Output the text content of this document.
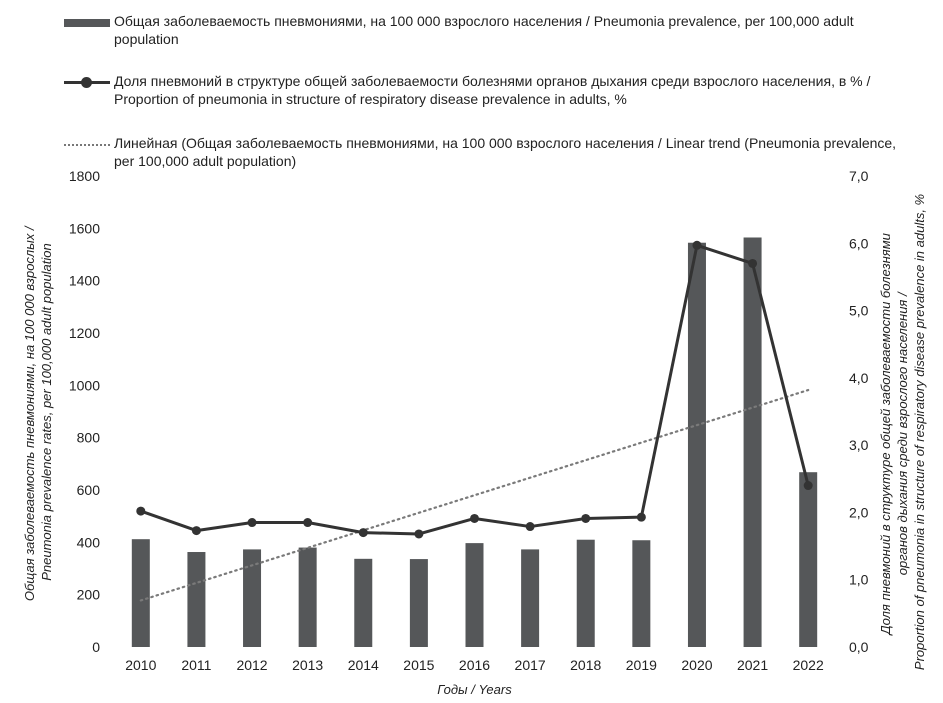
Общая заболеваемость пневмониями, на 100 000 взрослого населения / Pneumonia prevalence, per 100,000 adult population
Доля пневмоний в структуре общей заболеваемости болезнями органов дыхания среди взрослого населения, в % / Proportion of pneumonia in structure of respiratory disease prevalence in adults, %
Линейная (Общая заболеваемость пневмониями, на 100 000 взрослого населения / Linear trend (Pneumonia prevalence, per 100,000 adult population)
0
200
400
600
800
1000
1200
1400
1600
1800
0,0
1,0
2,0
3,0
4,0
5,0
6,0
7,0
2010 2011 2012 2013 2014 2015 2016 2017 2018 2019 2020 2021 2022
Годы / Years
Общая заболеваемость пневмониями, на 100 000 взрослых / Pneumonia prevalence rates, per 100,000 adult population	Доля пневмоний в структуре общей заболеваемости болезнями органов дыхания среди взрослого населения / Proportion of pneumonia in structure of respiratory disease prevalence in adults, %
